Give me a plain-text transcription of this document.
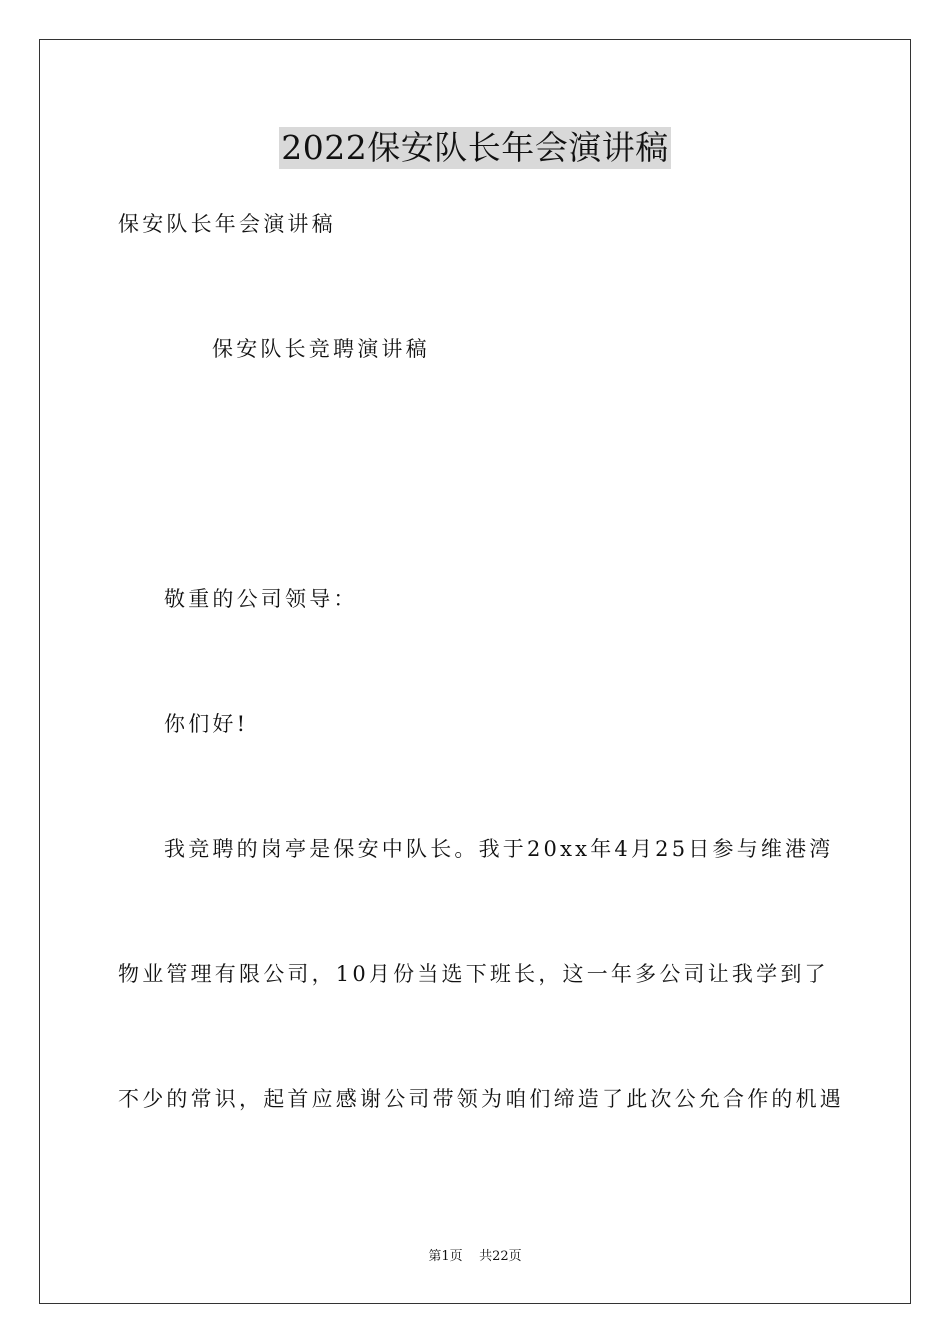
2022保安队长年会演讲稿
保安队长年会演讲稿
保安队长竞聘演讲稿
敬重的公司领导：
你们好!
我竞聘的岗亭是保安中队长。我于20xx年4月25日参与维港湾
物业管理有限公司，10月份当选下班长，这一年多公司让我学到了
不少的常识，起首应感谢公司带领为咱们缔造了此次公允合作的机遇
第1页 共22页
